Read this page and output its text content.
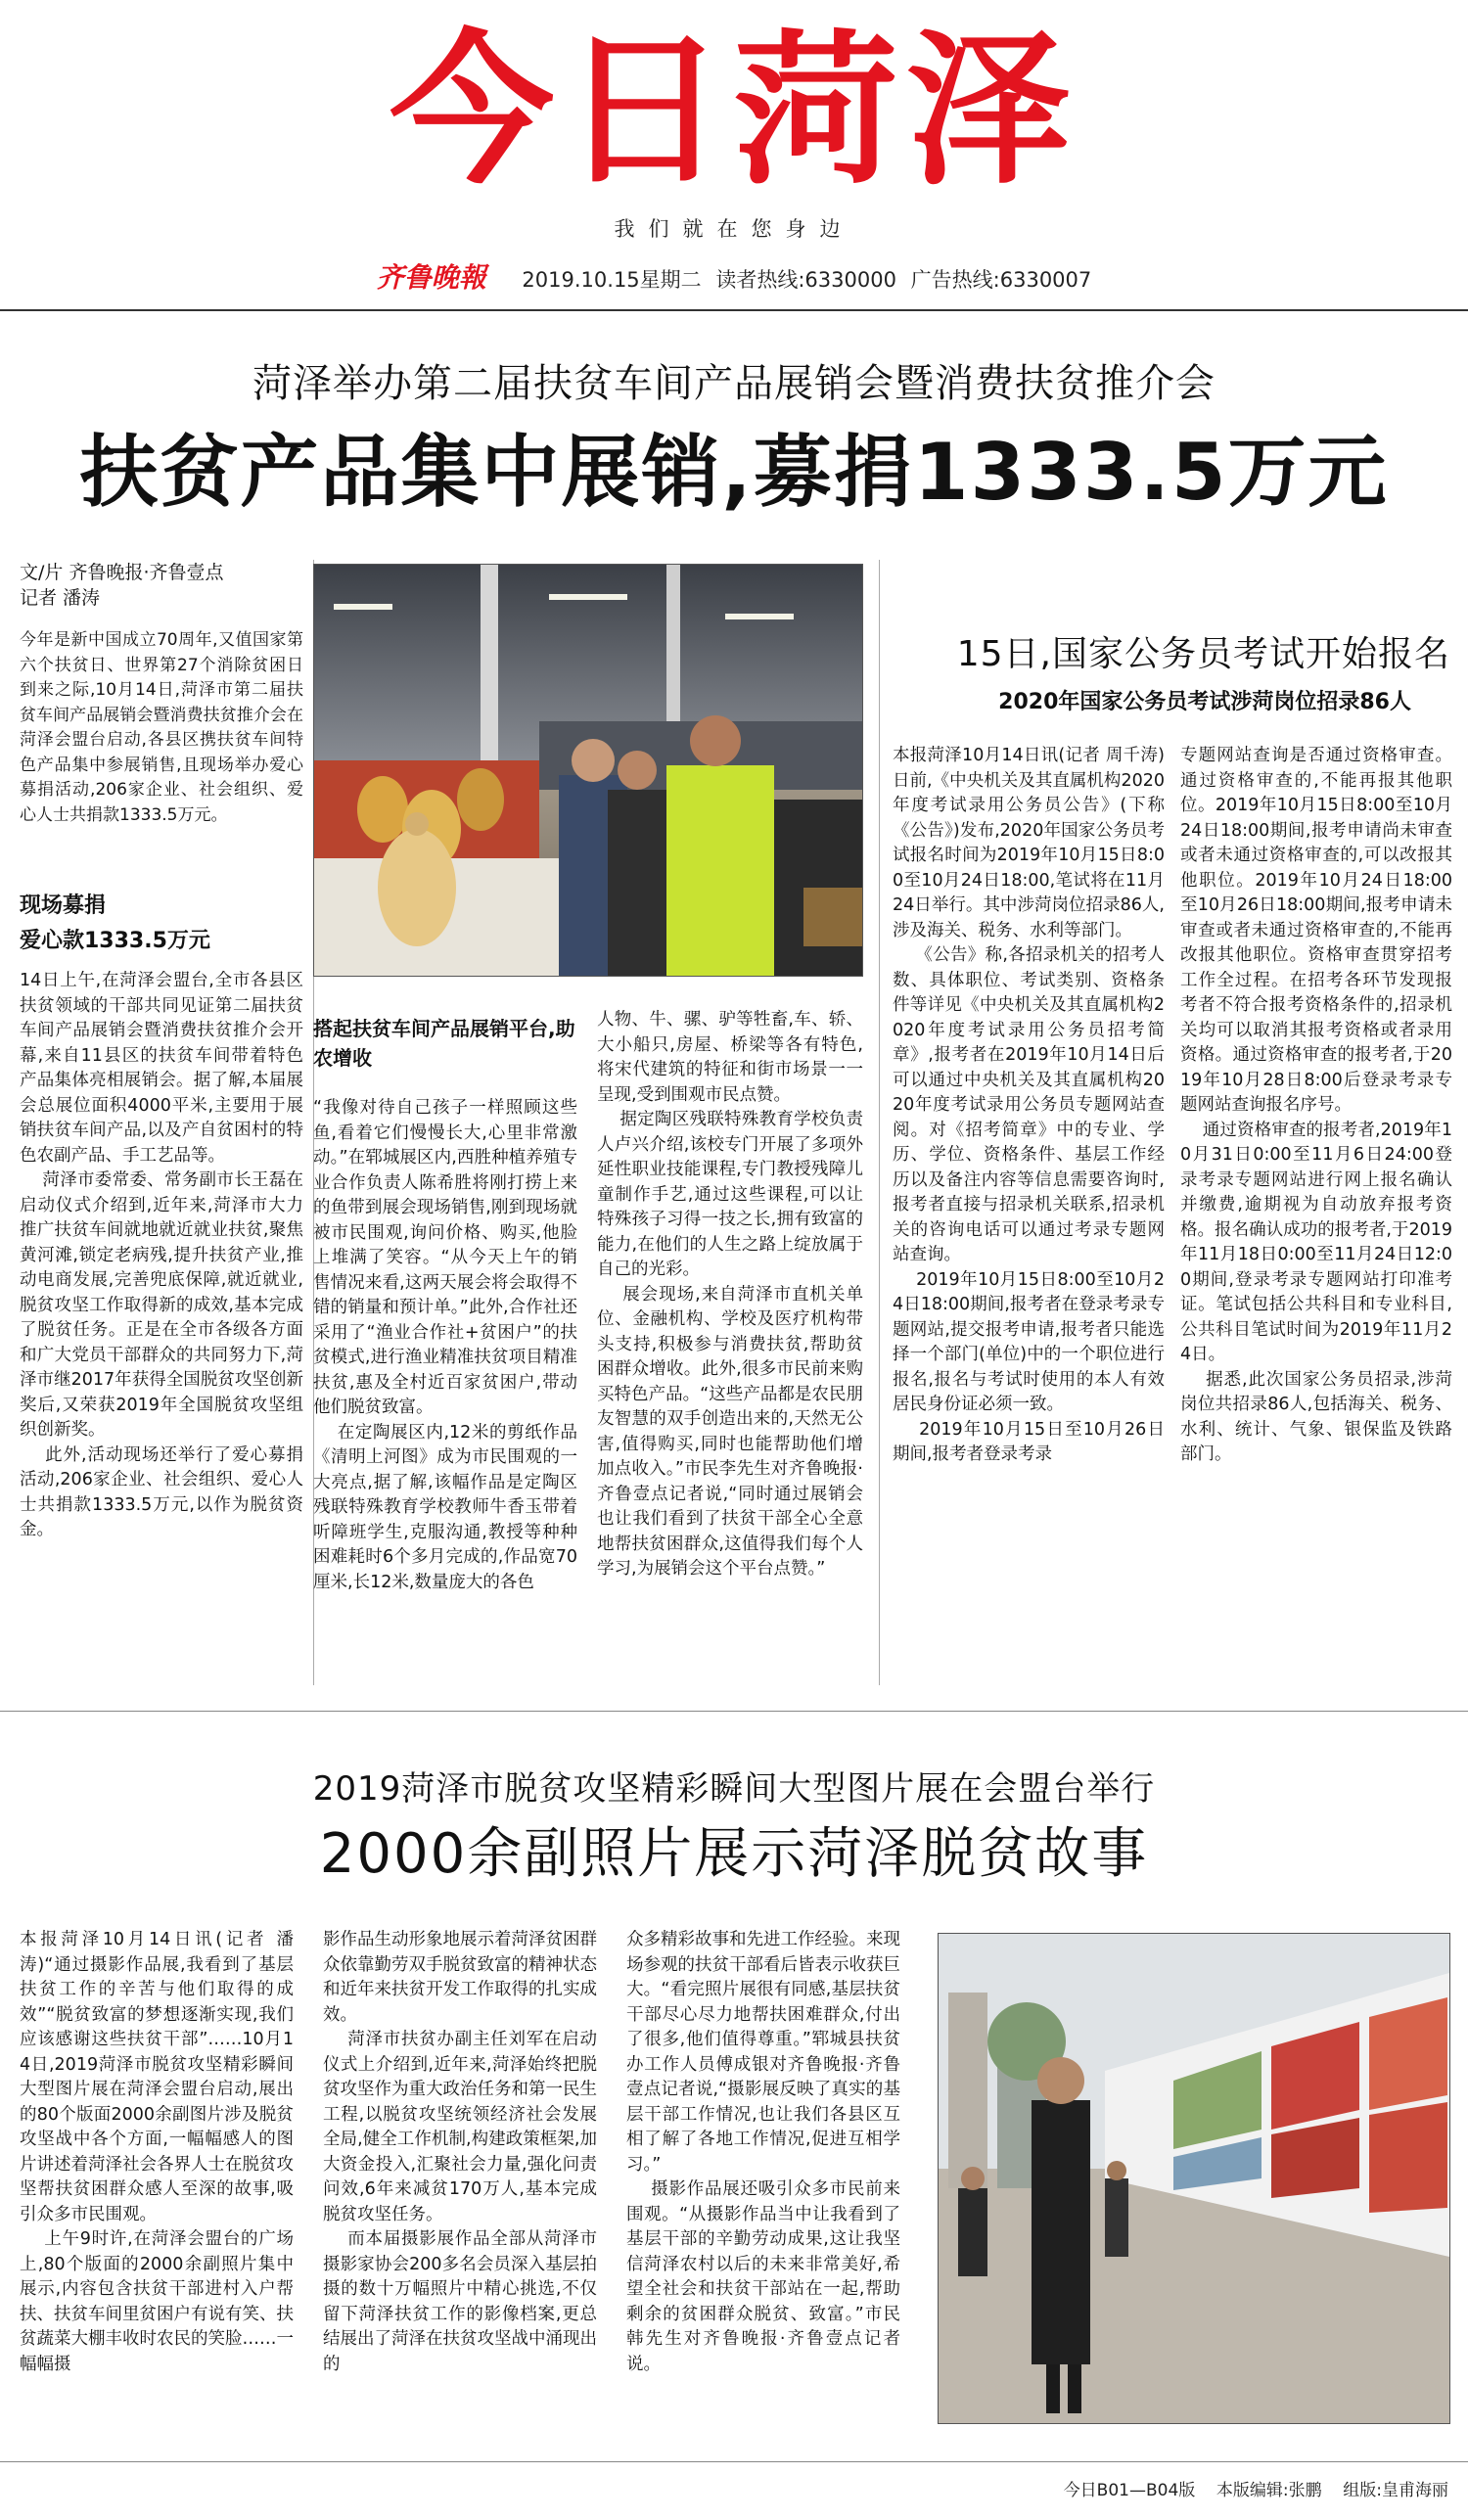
今日菏泽
我们就在您身边
齐鲁晚報 2019.10.15星期二 读者热线:6330000 广告热线:6330007
菏泽举办第二届扶贫车间产品展销会暨消费扶贫推介会
扶贫产品集中展销,募捐1333.5万元
文/片 齐鲁晚报·齐鲁壹点
记者 潘涛
今年是新中国成立70周年,又值国家第六个扶贫日、世界第27个消除贫困日到来之际,10月14日,菏泽市第二届扶贫车间产品展销会暨消费扶贫推介会在菏泽会盟台启动,各县区携扶贫车间特色产品集中参展销售,且现场举办爱心募捐活动,206家企业、社会组织、爱心人士共捐款1333.5万元。
现场募捐
爱心款1333.5万元
14日上午,在菏泽会盟台,全市各县区扶贫领域的干部共同见证第二届扶贫车间产品展销会暨消费扶贫推介会开幕,来自11县区的扶贫车间带着特色产品集体亮相展销会。据了解,本届展会总展位面积4000平米,主要用于展销扶贫车间产品,以及产自贫困村的特色农副产品、手工艺品等。
菏泽市委常委、常务副市长王磊在启动仪式介绍到,近年来,菏泽市大力推广扶贫车间就地就近就业扶贫,聚焦黄河滩,锁定老病残,提升扶贫产业,推动电商发展,完善兜底保障,就近就业,脱贫攻坚工作取得新的成效,基本完成了脱贫任务。正是在全市各级各方面和广大党员干部群众的共同努力下,菏泽市继2017年获得全国脱贫攻坚创新奖后,又荣获2019年全国脱贫攻坚组织创新奖。
此外,活动现场还举行了爱心募捐活动,206家企业、社会组织、爱心人士共捐款1333.5万元,以作为脱贫资金。
搭起扶贫车间产品展销平台,助农增收
“我像对待自己孩子一样照顾这些鱼,看着它们慢慢长大,心里非常激动。”在郓城展区内,西胜种植养殖专业合作负责人陈希胜将刚打捞上来的鱼带到展会现场销售,刚到现场就被市民围观,询问价格、购买,他脸上堆满了笑容。“从今天上午的销售情况来看,这两天展会将会取得不错的销量和预计单。”此外,合作社还采用了“渔业合作社+贫困户”的扶贫模式,进行渔业精准扶贫项目精准扶贫,惠及全村近百家贫困户,带动他们脱贫致富。
在定陶展区内,12米的剪纸作品《清明上河图》成为市民围观的一大亮点,据了解,该幅作品是定陶区残联特殊教育学校教师牛香玉带着听障班学生,克服沟通,教授等种种困难耗时6个多月完成的,作品宽70厘米,长12米,数量庞大的各色
人物、牛、骡、驴等牲畜,车、轿、大小船只,房屋、桥梁等各有特色,将宋代建筑的特征和街市场景一一呈现,受到围观市民点赞。
据定陶区残联特殊教育学校负责人卢兴介绍,该校专门开展了多项外延性职业技能课程,专门教授残障儿童制作手艺,通过这些课程,可以让特殊孩子习得一技之长,拥有致富的能力,在他们的人生之路上绽放属于自己的光彩。
展会现场,来自菏泽市直机关单位、金融机构、学校及医疗机构带头支持,积极参与消费扶贫,帮助贫困群众增收。此外,很多市民前来购买特色产品。“这些产品都是农民朋友智慧的双手创造出来的,天然无公害,值得购买,同时也能帮助他们增加点收入。”市民李先生对齐鲁晚报·齐鲁壹点记者说,“同时通过展销会也让我们看到了扶贫干部全心全意地帮扶贫困群众,这值得我们每个人学习,为展销会这个平台点赞。”
15日,国家公务员考试开始报名
2020年国家公务员考试涉菏岗位招录86人
本报菏泽10月14日讯(记者 周千涛)日前,《中央机关及其直属机构2020年度考试录用公务员公告》(下称《公告》)发布,2020年国家公务员考试报名时间为2019年10月15日8:00至10月24日18:00,笔试将在11月24日举行。其中涉菏岗位招录86人,涉及海关、税务、水利等部门。
《公告》称,各招录机关的招考人数、具体职位、考试类别、资格条件等详见《中央机关及其直属机构2020年度考试录用公务员招考简章》,报考者在2019年10月14日后可以通过中央机关及其直属机构2020年度考试录用公务员专题网站查阅。对《招考简章》中的专业、学历、学位、资格条件、基层工作经历以及备注内容等信息需要咨询时,报考者直接与招录机关联系,招录机关的咨询电话可以通过考录专题网站查询。
2019年10月15日8:00至10月24日18:00期间,报考者在登录考录专题网站,提交报考申请,报考者只能选择一个部门(单位)中的一个职位进行报名,报名与考试时使用的本人有效居民身份证必须一致。
2019年10月15日至10月26日期间,报考者登录考录
专题网站查询是否通过资格审查。通过资格审查的,不能再报其他职位。2019年10月15日8:00至10月24日18:00期间,报考申请尚未审查或者未通过资格审查的,可以改报其他职位。2019年10月24日18:00至10月26日18:00期间,报考申请未审查或者未通过资格审查的,不能再改报其他职位。资格审查贯穿招考工作全过程。在招考各环节发现报考者不符合报考资格条件的,招录机关均可以取消其报考资格或者录用资格。通过资格审查的报考者,于2019年10月28日8:00后登录考录专题网站查询报名序号。
通过资格审查的报考者,2019年10月31日0:00至11月6日24:00登录考录专题网站进行网上报名确认并缴费,逾期视为自动放弃报考资格。报名确认成功的报考者,于2019年11月18日0:00至11月24日12:00期间,登录考录专题网站打印准考证。笔试包括公共科目和专业科目,公共科目笔试时间为2019年11月24日。
据悉,此次国家公务员招录,涉菏岗位共招录86人,包括海关、税务、水利、统计、气象、银保监及铁路部门。
2019菏泽市脱贫攻坚精彩瞬间大型图片展在会盟台举行
2000余副照片展示菏泽脱贫故事
本报菏泽10月14日讯(记者 潘涛)“通过摄影作品展,我看到了基层扶贫工作的辛苦与他们取得的成效”“脱贫致富的梦想逐渐实现,我们应该感谢这些扶贫干部”……10月14日,2019菏泽市脱贫攻坚精彩瞬间大型图片展在菏泽会盟台启动,展出的80个版面2000余副图片涉及脱贫攻坚战中各个方面,一幅幅感人的图片讲述着菏泽社会各界人士在脱贫攻坚帮扶贫困群众感人至深的故事,吸引众多市民围观。
上午9时许,在菏泽会盟台的广场上,80个版面的2000余副照片集中展示,内容包含扶贫干部进村入户帮扶、扶贫车间里贫困户有说有笑、扶贫蔬菜大棚丰收时农民的笑脸……一幅幅摄
影作品生动形象地展示着菏泽贫困群众依靠勤劳双手脱贫致富的精神状态和近年来扶贫开发工作取得的扎实成效。
菏泽市扶贫办副主任刘军在启动仪式上介绍到,近年来,菏泽始终把脱贫攻坚作为重大政治任务和第一民生工程,以脱贫攻坚统领经济社会发展全局,健全工作机制,构建政策框架,加大资金投入,汇聚社会力量,强化问责问效,6年来减贫170万人,基本完成脱贫攻坚任务。
而本届摄影展作品全部从菏泽市摄影家协会200多名会员深入基层拍摄的数十万幅照片中精心挑选,不仅留下菏泽扶贫工作的影像档案,更总结展出了菏泽在扶贫攻坚战中涌现出的
众多精彩故事和先进工作经验。来现场参观的扶贫干部看后皆表示收获巨大。“看完照片展很有同感,基层扶贫干部尽心尽力地帮扶困难群众,付出了很多,他们值得尊重。”郓城县扶贫办工作人员傅成银对齐鲁晚报·齐鲁壹点记者说,“摄影展反映了真实的基层干部工作情况,也让我们各县区互相了解了各地工作情况,促进互相学习。”
摄影作品展还吸引众多市民前来围观。“从摄影作品当中让我看到了基层干部的辛勤劳动成果,这让我坚信菏泽农村以后的未来非常美好,希望全社会和扶贫干部站在一起,帮助剩余的贫困群众脱贫、致富。”市民韩先生对齐鲁晚报·齐鲁壹点记者说。
今日B01—B04版 本版编辑:张鹏 组版:皇甫海丽
